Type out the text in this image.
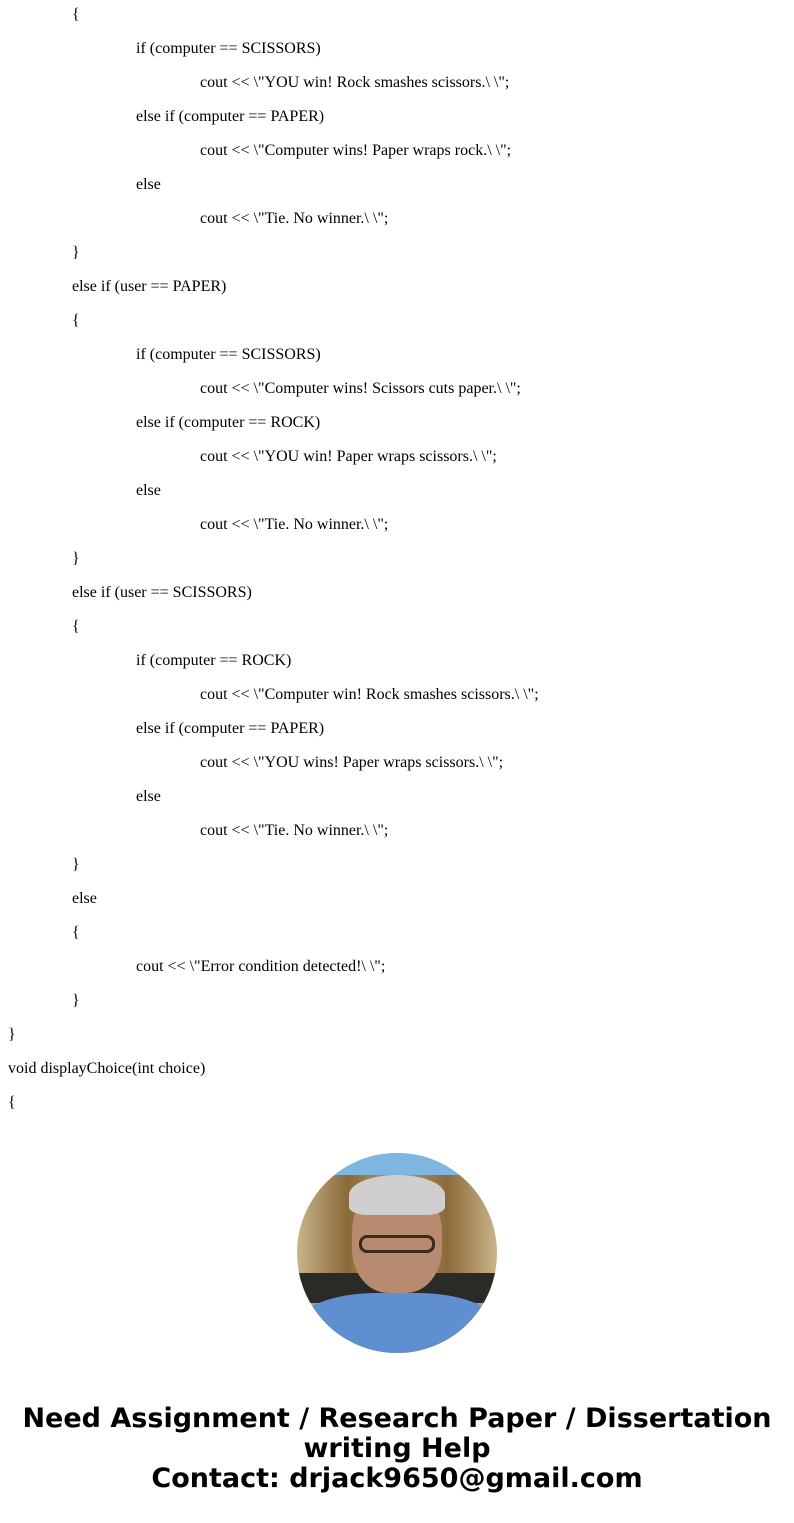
{
if (computer == SCISSORS)
cout << \"YOU win! Rock smashes scissors.\ \";
else if (computer == PAPER)
cout << \"Computer wins! Paper wraps rock.\ \";
else
cout << \"Tie. No winner.\ \";
}
else if (user == PAPER)
{
if (computer == SCISSORS)
cout << \"Computer wins! Scissors cuts paper.\ \";
else if (computer == ROCK)
cout << \"YOU win! Paper wraps scissors.\ \";
else
cout << \"Tie. No winner.\ \";
}
else if (user == SCISSORS)
{
if (computer == ROCK)
cout << \"Computer win! Rock smashes scissors.\ \";
else if (computer == PAPER)
cout << \"YOU wins! Paper wraps scissors.\ \";
else
cout << \"Tie. No winner.\ \";
}
else
{
cout << \"Error condition detected!\ \";
}
}
void displayChoice(int choice)
{
Need Assignment / Research Paper / Dissertation
writing Help
Contact: drjack9650@gmail.com
